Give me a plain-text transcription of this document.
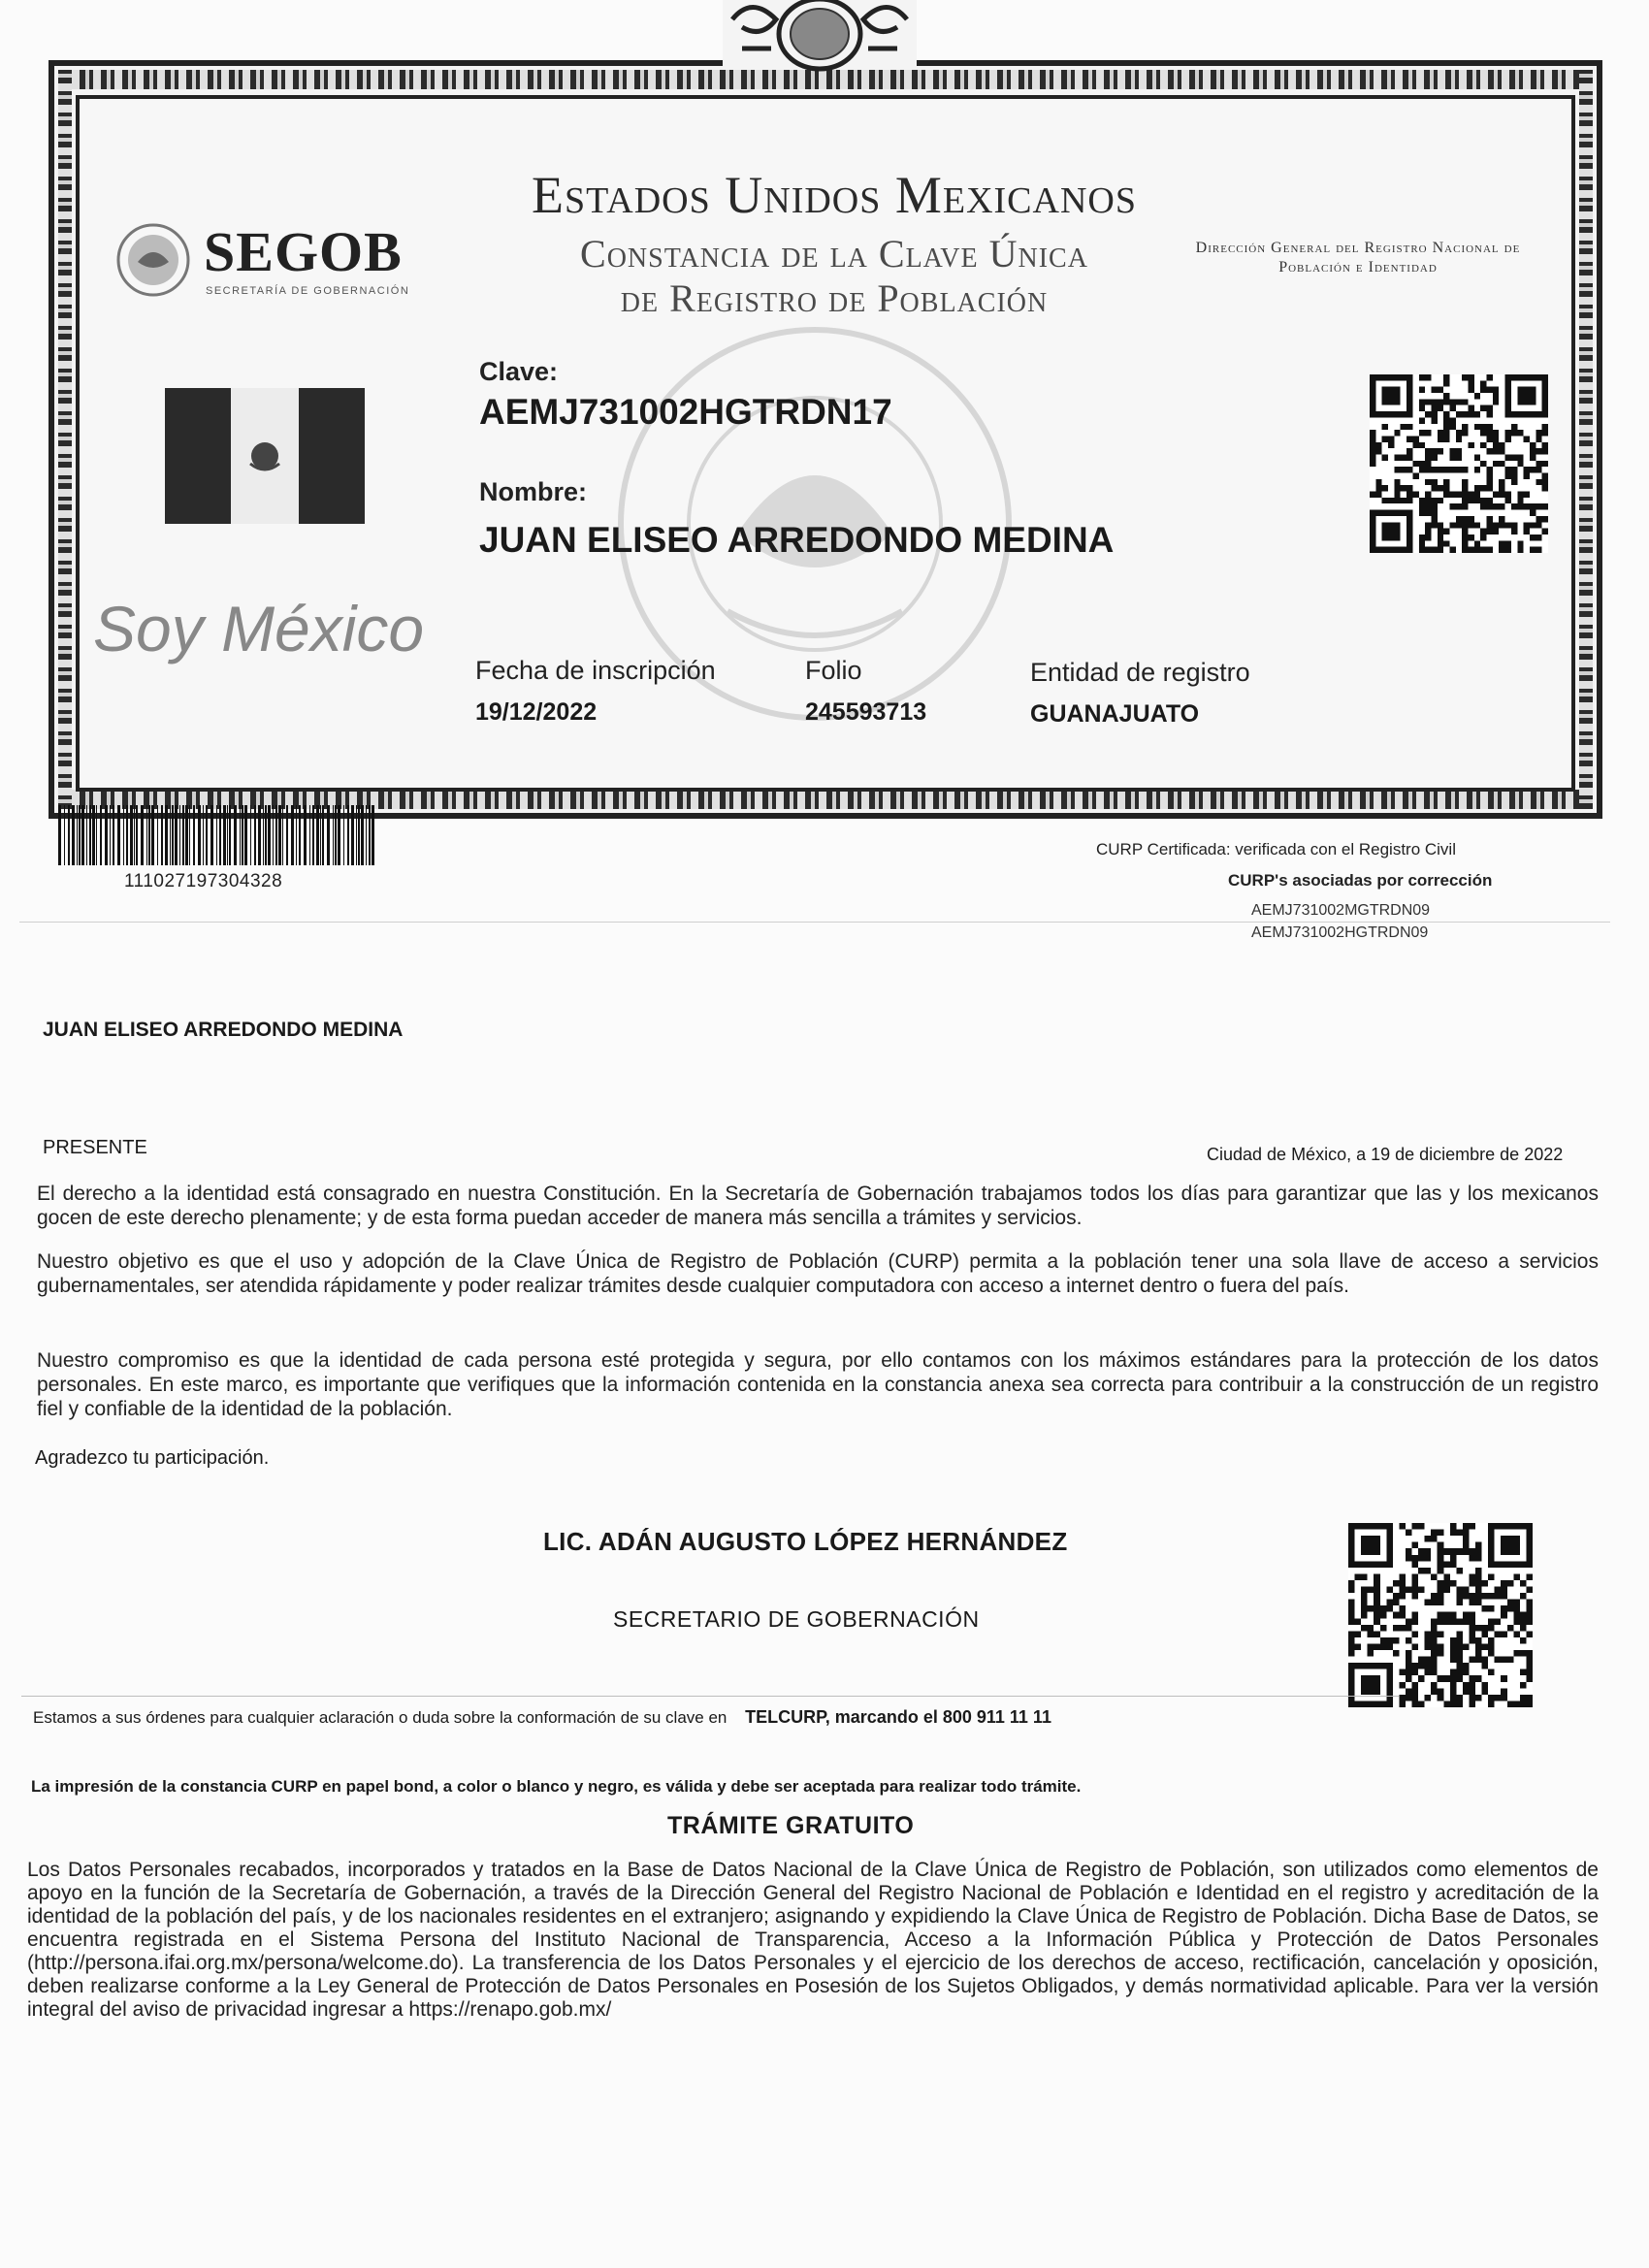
SEGOB
SECRETARÍA DE GOBERNACIÓN
Estados Unidos Mexicanos
Constancia de la Clave Única
de Registro de Población
Dirección General del Registro Nacional de Población e Identidad
Soy México
Clave:
AEMJ731002HGTRDN17
Nombre:
JUAN ELISEO ARREDONDO MEDINA
Fecha de inscripción
19/12/2022
Folio
245593713
Entidad de registro
GUANAJUATO
111027197304328
CURP Certificada: verificada con el Registro Civil
CURP's asociadas por corrección
AEMJ731002MGTRDN09
AEMJ731002HGTRDN09
JUAN ELISEO ARREDONDO MEDINA
PRESENTE	Ciudad de México, a 19 de diciembre de 2022
El derecho a la identidad está consagrado en nuestra Constitución. En la Secretaría de Gobernación trabajamos todos los días para garantizar que las y los mexicanos gocen de este derecho plenamente; y de esta forma puedan acceder de manera más sencilla a trámites y servicios.
Nuestro objetivo es que el uso y adopción de la Clave Única de Registro de Población (CURP) permita a la población tener una sola llave de acceso a servicios gubernamentales, ser atendida rápidamente y poder realizar trámites desde cualquier computadora con acceso a internet dentro o fuera del país.
Nuestro compromiso es que la identidad de cada persona esté protegida y segura, por ello contamos con los máximos estándares para la protección de los datos personales. En este marco, es importante que verifiques que la información contenida en la constancia anexa sea correcta para contribuir a la construcción de un registro fiel y confiable de la identidad de la población.
Agradezco tu participación.
LIC. ADÁN AUGUSTO LÓPEZ HERNÁNDEZ
SECRETARIO DE GOBERNACIÓN
Estamos a sus órdenes para cualquier aclaración o duda sobre la conformación de su clave en TELCURP, marcando el 800 911 11 11
La impresión de la constancia CURP en papel bond, a color o blanco y negro, es válida y debe ser aceptada para realizar todo trámite.
TRÁMITE GRATUITO
Los Datos Personales recabados, incorporados y tratados en la Base de Datos Nacional de la Clave Única de Registro de Población, son utilizados como elementos de apoyo en la función de la Secretaría de Gobernación, a través de la Dirección General del Registro Nacional de Población e Identidad en el registro y acreditación de la identidad de la población del país, y de los nacionales residentes en el extranjero; asignando y expidiendo la Clave Única de Registro de Población. Dicha Base de Datos, se encuentra registrada en el Sistema Persona del Instituto Nacional de Transparencia, Acceso a la Información Pública y Protección de Datos Personales (http://persona.ifai.org.mx/persona/welcome.do). La transferencia de los Datos Personales y el ejercicio de los derechos de acceso, rectificación, cancelación y oposición, deben realizarse conforme a la Ley General de Protección de Datos Personales en Posesión de los Sujetos Obligados, y demás normatividad aplicable. Para ver la versión integral del aviso de privacidad ingresar a https://renapo.gob.mx/
